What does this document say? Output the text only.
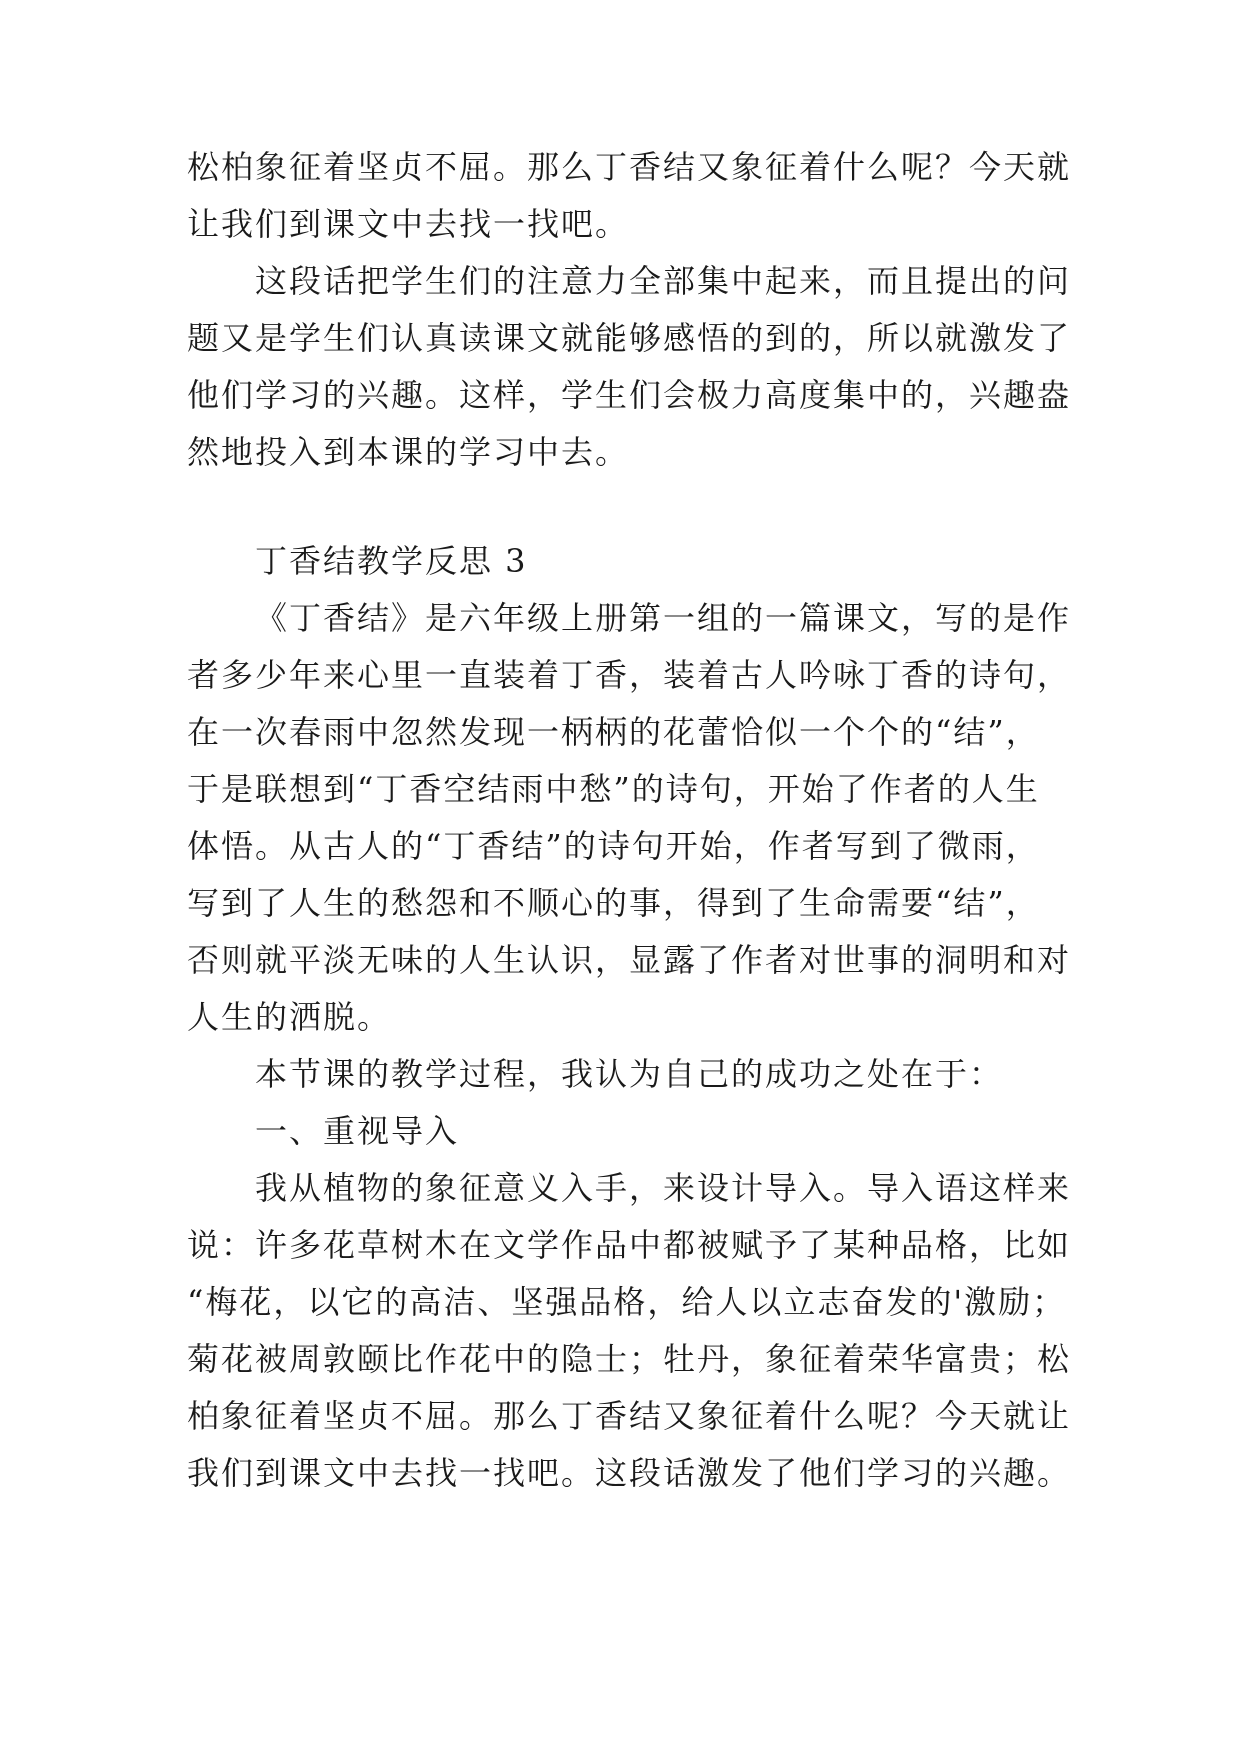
松柏象征着坚贞不屈。那么丁香结又象征着什么呢？今天就
让我们到课文中去找一找吧。
这段话把学生们的注意力全部集中起来，而且提出的问
题又是学生们认真读课文就能够感悟的到的，所以就激发了
他们学习的兴趣。这样，学生们会极力高度集中的，兴趣盎
然地投入到本课的学习中去。
丁香结教学反思 3
《丁香结》是六年级上册第一组的一篇课文，写的是作
者多少年来心里一直装着丁香，装着古人吟咏丁香的诗句，
在一次春雨中忽然发现一柄柄的花蕾恰似一个个的“结”，
于是联想到“丁香空结雨中愁”的诗句，开始了作者的人生
体悟。从古人的“丁香结”的诗句开始，作者写到了微雨，
写到了人生的愁怨和不顺心的事，得到了生命需要“结”，
否则就平淡无味的人生认识，显露了作者对世事的洞明和对
人生的洒脱。
本节课的教学过程，我认为自己的成功之处在于：
一、重视导入
我从植物的象征意义入手，来设计导入。导入语这样来
说：许多花草树木在文学作品中都被赋予了某种品格，比如
“梅花，以它的高洁、坚强品格，给人以立志奋发的'激励；
菊花被周敦颐比作花中的隐士；牡丹，象征着荣华富贵；松
柏象征着坚贞不屈。那么丁香结又象征着什么呢？今天就让
我们到课文中去找一找吧。这段话激发了他们学习的兴趣。
